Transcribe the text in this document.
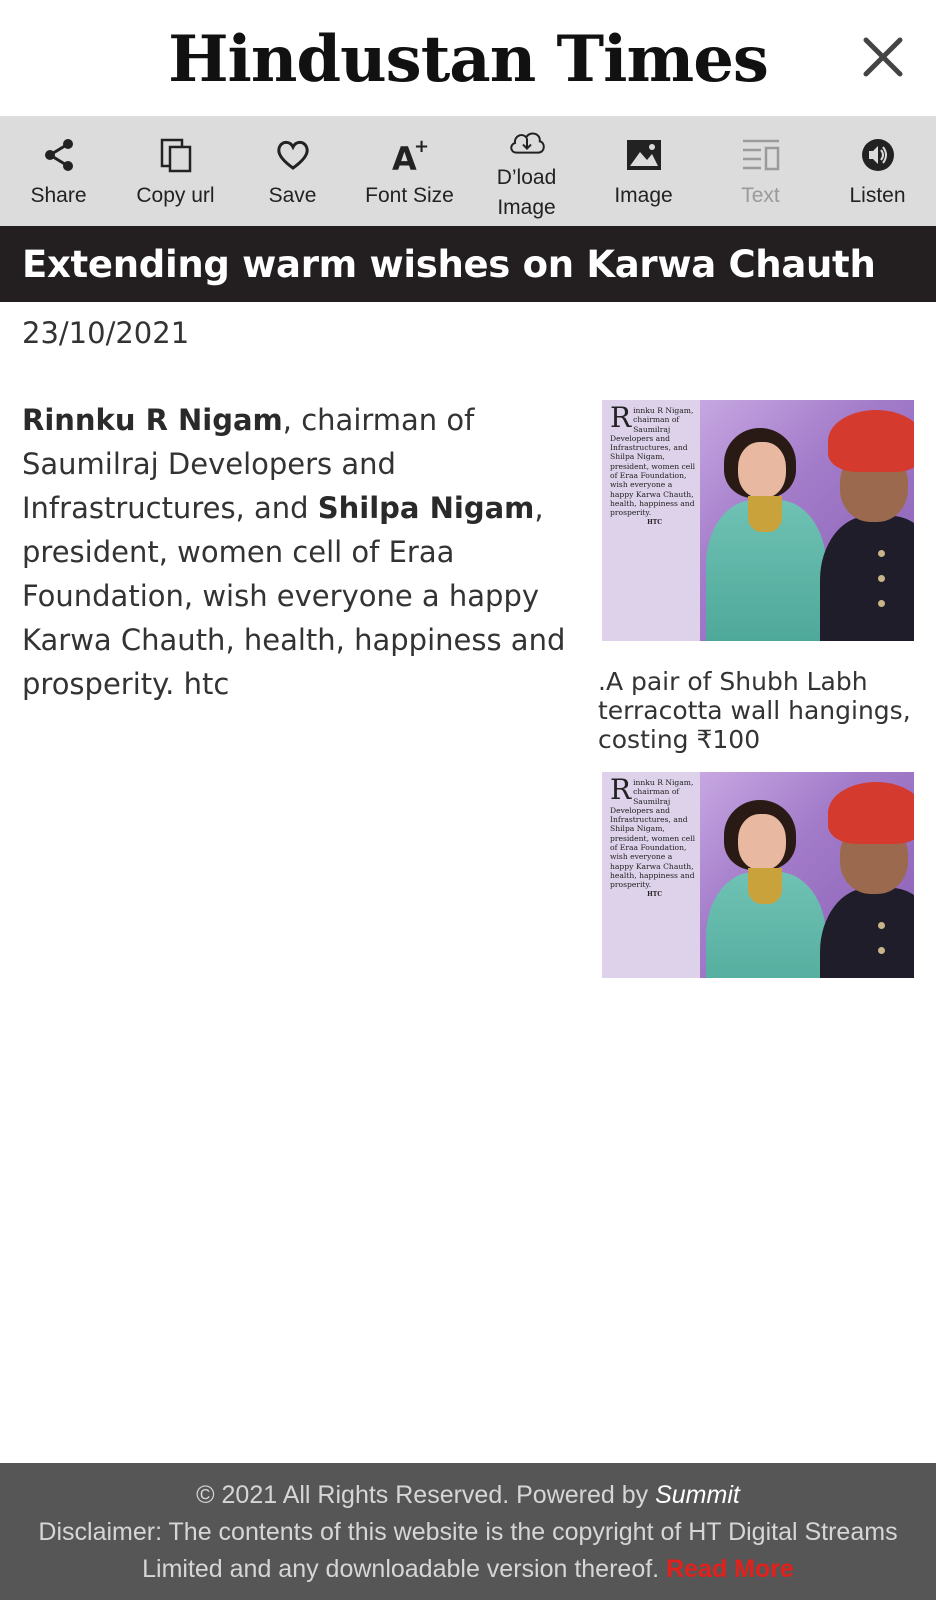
Hindustan Times
Share Copy url	Save
A
+
Font Size
D’load Image
Image	Text	Listen
Extending warm wishes on Karwa Chauth
23/10/2021
Rinnku R Nigam, chairman of Saumilraj Developers and Infrastructures, and Shilpa Nigam, president, women cell of Eraa Foundation, wish everyone a happy Karwa Chauth, health, happiness and prosperity. htc
Rinnku R Nigam, chairman of Saumilraj Developers and Infrastructures, and Shilpa Nigam, president, women cell of Eraa Foundation, wish everyone a happy Karwa Chauth, health, happiness and prosperity.
HTC
.A pair of Shubh Labh terracotta wall hangings, costing ₹100
Rinnku R Nigam, chairman of Saumilraj Developers and Infrastructures, and Shilpa Nigam, president, women cell of Eraa Foundation, wish everyone a happy Karwa Chauth, health, happiness and prosperity.
HTC
© 2021 All Rights Reserved. Powered by Summit
Disclaimer: The contents of this website is the copyright of HT Digital Streams Limited and any downloadable version thereof. Read More
